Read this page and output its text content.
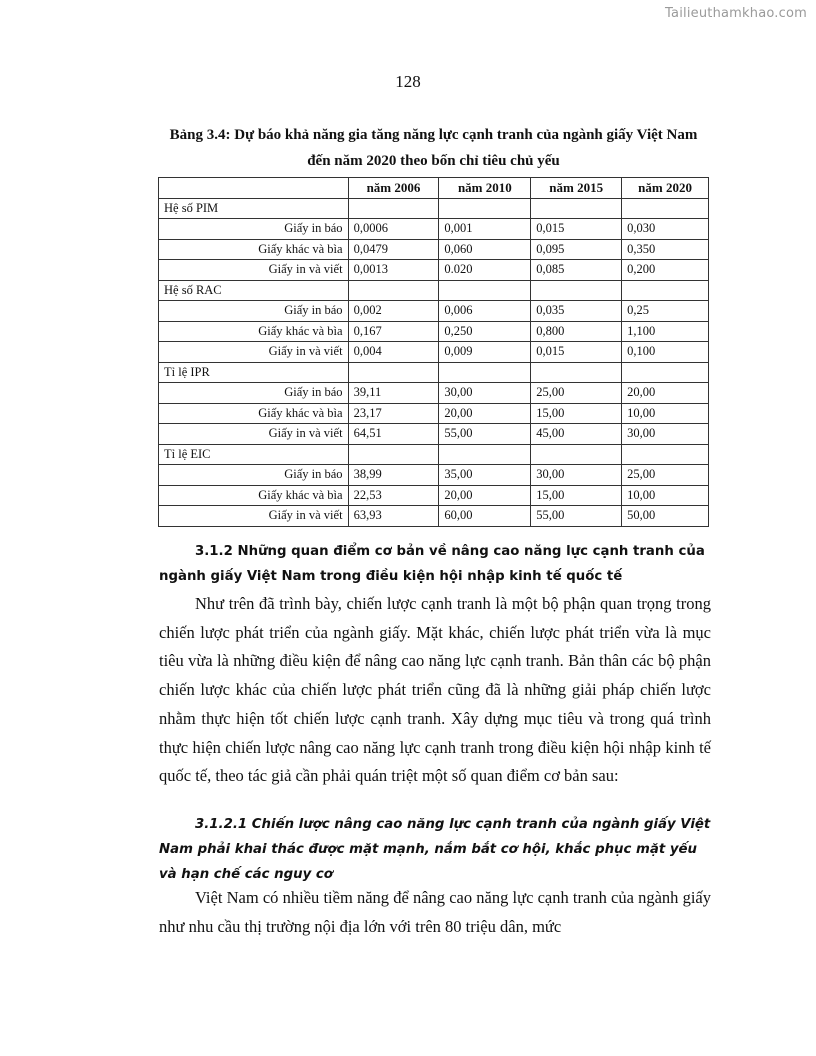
Tailieuthamkhao.com
128
Bảng 3.4: Dự báo khả năng gia tăng năng lực cạnh tranh của ngành giấy Việt Nam đến năm 2020 theo bốn chỉ tiêu chủ yếu
	năm 2006	năm 2010	năm 2015	năm 2020
Hệ số PIM				
Giấy in báo	0,0006	0,001	0,015	0,030
Giấy khác và bìa	0,0479	0,060	0,095	0,350
Giấy in và viết	0,0013	0.020	0,085	0,200
Hệ số RAC				
Giấy in báo	0,002	0,006	0,035	0,25
Giấy khác và bìa	0,167	0,250	0,800	1,100
Giấy in và viết	0,004	0,009	0,015	0,100
Tỉ lệ IPR				
Giấy in báo	39,11	30,00	25,00	20,00
Giấy khác và bìa	23,17	20,00	15,00	10,00
Giấy in và viết	64,51	55,00	45,00	30,00
Tỉ lệ EIC				
Giấy in báo	38,99	35,00	30,00	25,00
Giấy khác và bìa	22,53	20,00	15,00	10,00
Giấy in và viết	63,93	60,00	55,00	50,00
3.1.2 Những quan điểm cơ bản về nâng cao năng lực cạnh tranh của ngành giấy Việt Nam trong điều kiện hội nhập kinh tế quốc tế
Như trên đã trình bày, chiến lược cạnh tranh là một bộ phận quan trọng trong chiến lược phát triển của ngành giấy. Mặt khác, chiến lược phát triển vừa là mục tiêu vừa là những điều kiện để nâng cao năng lực cạnh tranh. Bản thân các bộ phận chiến lược khác của chiến lược phát triển cũng đã là những giải pháp chiến lược nhằm thực hiện tốt chiến lược cạnh tranh. Xây dựng mục tiêu và trong quá trình thực hiện chiến lược nâng cao năng lực cạnh tranh trong điều kiện hội nhập kinh tế quốc tế, theo tác giả cần phải quán triệt một số quan điểm cơ bản sau:
3.1.2.1 Chiến lược nâng cao năng lực cạnh tranh của ngành giấy Việt Nam phải khai thác được mặt mạnh, nắm bắt cơ hội, khắc phục mặt yếu và hạn chế các nguy cơ
Việt Nam có nhiều tiềm năng để nâng cao năng lực cạnh tranh của ngành giấy như nhu cầu thị trường nội địa lớn với trên 80 triệu dân, mức
